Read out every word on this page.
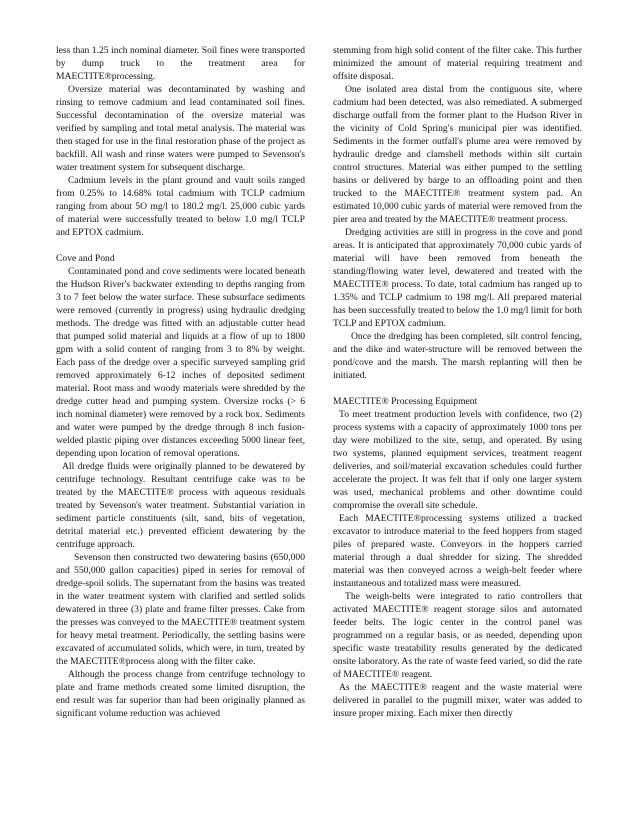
less than 1.25 inch nominal diameter. Soil fines were transported by dump truck to the treatment area for MAECTITE®processing.

Oversize material was decontaminated by washing and rinsing to remove cadmium and lead contaminated soil fines. Successful decontamination of the oversize material was verified by sampling and total metal analysis. The material was then staged for use in the final restoration phase of the project as backfill. All wash and rinse waters were pumped to Sevenson's water treatment system for subsequent discharge.

Cadmium levels in the plant ground and vault soils ranged from 0.25% to 14.68% total cadmium with TCLP cadmium ranging from about 5O mg/l to 180.2 mg/l. 25,000 cubic yards of material were successfully treated to below 1.0 mg/l TCLP and EPTOX cadmium.

Cove and Pond

Contaminated pond and cove sediments were located beneath the Hudson River's backwater extending to depths ranging from 3 to 7 feet below the water surface. These subsurface sediments were removed (currently in progress) using hydraulic dredging methods. The dredge was fitted with an adjustable cutter head that pumped solid material and liquids at a flow of up to 1800 gpm with a solid content of ranging from 3 to 8% by weight. Each pass of the dredge over a specific surveyed sampling grid removed approximately 6-12 inches of deposited sediment material. Root mass and woody materials were shredded by the dredge cutter head and pumping system. Oversize rocks (> 6 inch nominal diameter) were removed by a rock box. Sediments and water were pumped by the dredge through 8 inch fusion-welded plastic piping over distances exceeding 5000 linear feet, depending upon location of removal operations.

All dredge fluids were originally planned to be dewatered by centrifuge technology. Resultant centrifuge cake was to be treated by the MAECTITE® process with aqueous residuals treated by Sevenson's water treatment. Substantial variation in sediment particle constituents (silt, sand, bits of vegetation, detrital material etc.) prevented efficient dewatering by the centrifuge approach.

Sevenson then constructed two dewatering basins (650,000 and 550,000 gallon capacities) piped in series for removal of dredge-spoil solids. The supernatant from the basins was treated in the water treatment system with clarified and settled solids dewatered in three (3) plate and frame filter presses. Cake from the presses was conveyed to the MAECTITE® treatment system for heavy metal treatment. Periodically, the settling basins were excavated of accumulated solids, which were, in turn, treated by the MAECTITE®process along with the filter cake.

Although the process change from centrifuge technology to plate and frame methods created some limited disruption, the end result was far superior than had been originally planned as significant volume reduction was achieved

stemming from high solid content of the filter cake. This further minimized the amount of material requiring treatment and offsite disposal.

One isolated area distal from the contiguous site, where cadmium had been detected, was also remediated. A submerged discharge outfall from the former plant to the Hudson River in the vicinity of Cold Spring's municipal pier was identified. Sediments in the former outfall's plume area were removed by hydraulic dredge and clamshell methods within silt curtain control structures. Material was either pumped to the settling basins or delivered by barge to an offloading point and then trucked to the MAECTITE® treatment system pad. An estimated 10,000 cubic yards of material were removed from the pier area and treated by the MAECTITE® treatment process.

Dredging activities are still in progress in the cove and pond areas. It is anticipated that approximately 70,000 cubic yards of material will have been removed from beneath the standing/flowing water level, dewatered and treated with the MAECTITE® process. To date, total cadmium has ranged up to 1.35% and TCLP cadmium to 198 mg/l. All prepared material has been successfully treated to below the 1.0 mg/l limit for both TCLP and EPTOX cadmium.

Once the dredging has been completed, silt control fencing, and the dike and water-structure will be removed between the pond/cove and the marsh. The marsh replanting will then be initiated.

MAECTITE® Processing Equipment

To meet treatment production levels with confidence, two (2) process systems with a capacity of approximately 1000 tons per day were mobilized to the site, setup, and operated. By using two systems, planned equipment services, treatment reagent deliveries, and soil/material excavation schedules could further accelerate the project. It was felt that if only one larger system was used, mechanical problems and other downtime could compromise the overall site schedule.

Each MAECTITE®processing systems utilized a tracked excavator to introduce material to the feed hoppers from staged piles of prepared waste. Conveyors in the hoppers carried material through a dual shredder for sizing. The shredded material was then conveyed across a weigh-belt feeder where instantaneous and totalized mass were measured.

The weigh-belts were integrated to ratio controllers that activated MAECTITE® reagent storage silos and automated feeder belts. The logic center in the control panel was programmed on a regular basis, or as needed, depending upon specific waste treatability results generated by the dedicated onsite laboratory. As the rate of waste feed varied, so did the rate of MAECTITE® reagent.

As the MAECTITE® reagent and the waste material were delivered in parallel to the pugmill mixer, water was added to insure proper mixing. Each mixer then directly
